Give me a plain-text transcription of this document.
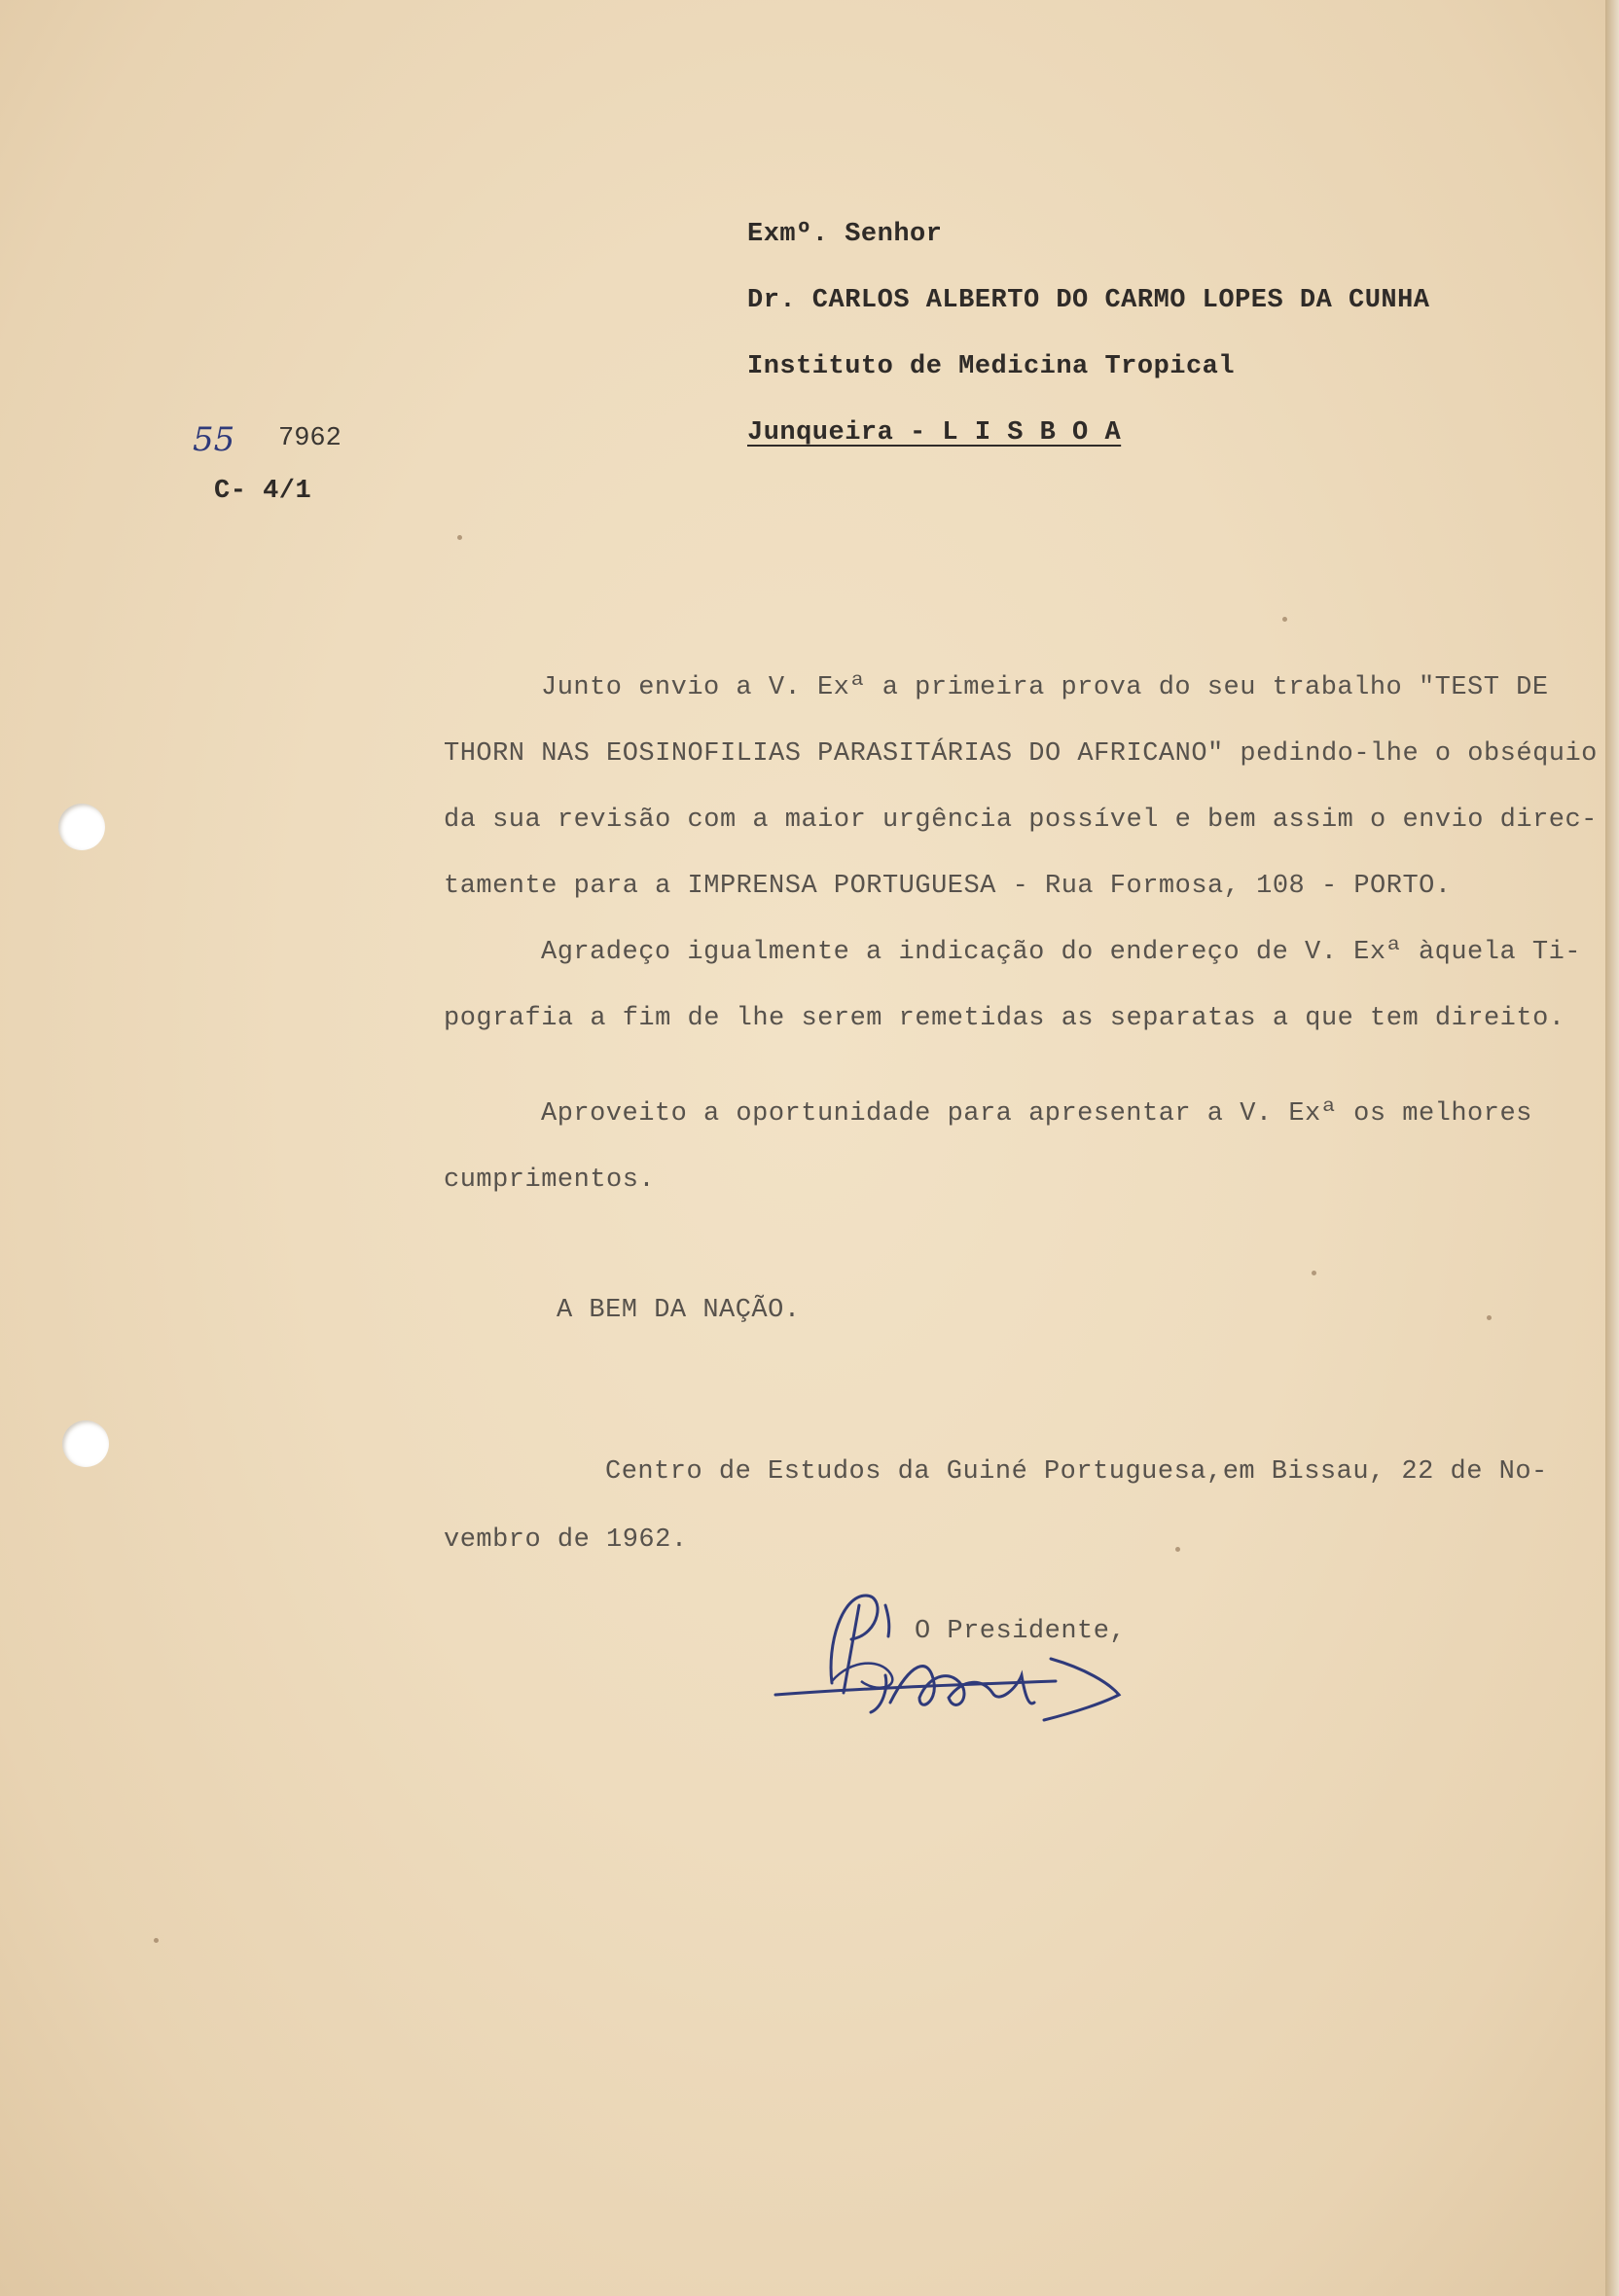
Exmº. Senhor
Dr. CARLOS ALBERTO DO CARMO LOPES DA CUNHA
Instituto de Medicina Tropical
Junqueira - L I S B O A
55 7962
C- 4/1
Junto envio a V. Exª a primeira prova do seu trabalho "TEST DE
THORN NAS EOSINOFILIAS PARASITÁRIAS DO AFRICANO" pedindo-lhe o obséquio
da sua revisão com a maior urgência possível e bem assim o envio direc-
tamente para a IMPRENSA PORTUGUESA - Rua Formosa, 108 - PORTO.
Agradeço igualmente a indicação do endereço de V. Exª àquela Ti-
pografia a fim de lhe serem remetidas as separatas a que tem direito.
Aproveito a oportunidade para apresentar a V. Exª os melhores
cumprimentos.
A BEM DA NAÇÃO.
Centro de Estudos da Guiné Portuguesa,em Bissau, 22 de No-
vembro de 1962.
O Presidente,
